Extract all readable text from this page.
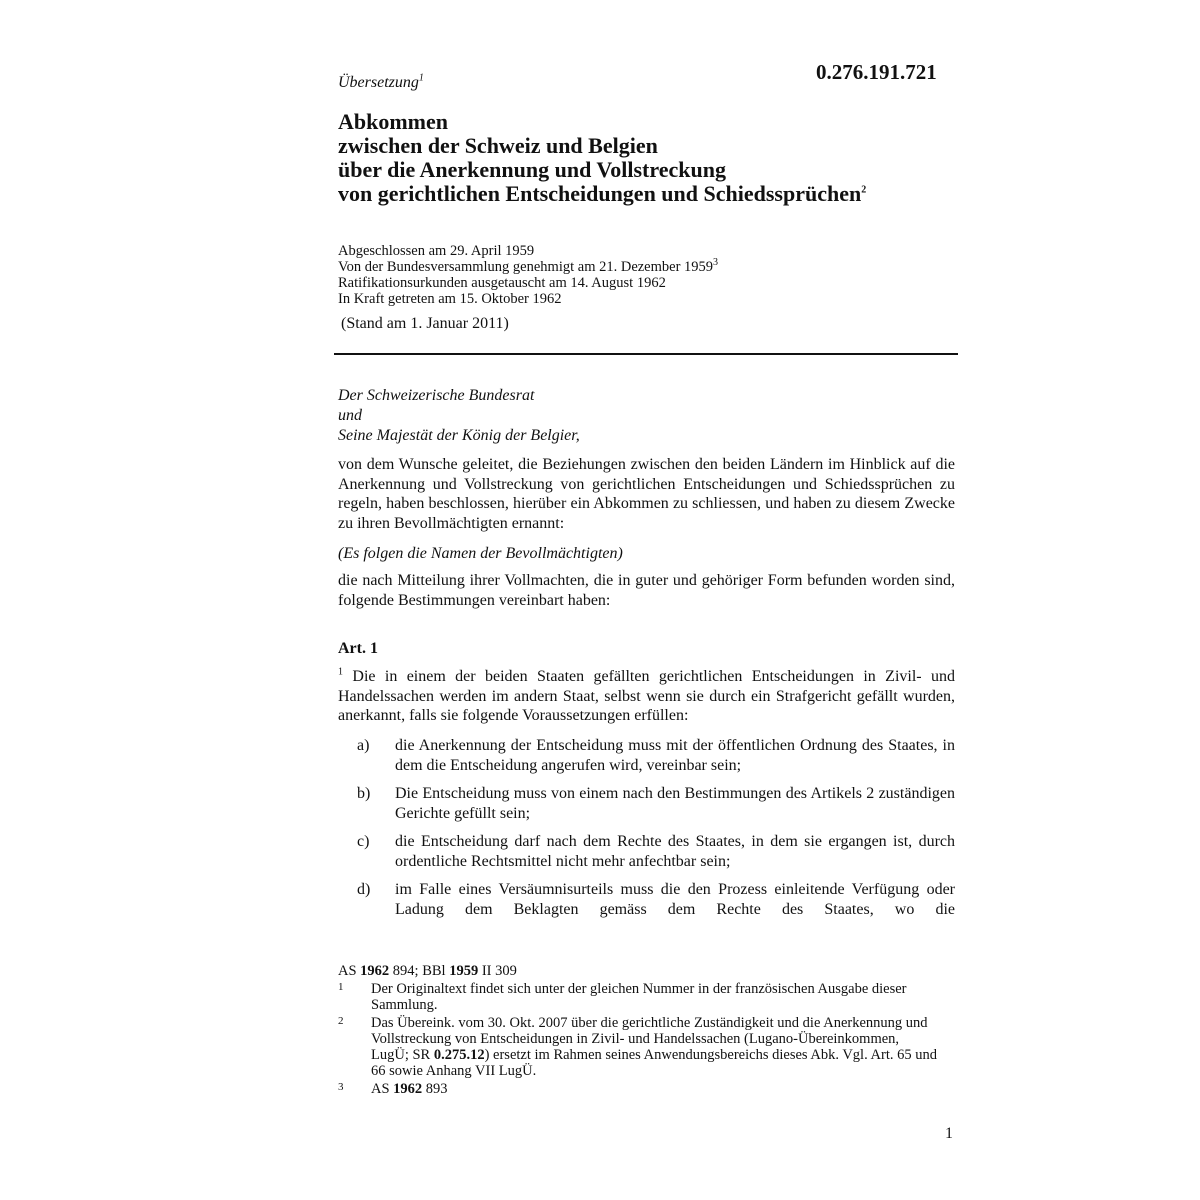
0.276.191.721
Übersetzung$^1$
Abkommen
zwischen der Schweiz und Belgien
über die Anerkennung und Vollstreckung
von gerichtlichen Entscheidungen und Schiedssprüchen$^2$
Abgeschlossen am 29. April 1959
Von der Bundesversammlung genehmigt am 21. Dezember 1959$^3$
Ratifikationsurkunden ausgetauscht am 14. August 1962
In Kraft getreten am 15. Oktober 1962
(Stand am 1. Januar 2011)
Der Schweizerische Bundesrat
und
Seine Majestät der König der Belgier,
von dem Wunsche geleitet, die Beziehungen zwischen den beiden Ländern im Hinblick auf die Anerkennung und Vollstreckung von gerichtlichen Entscheidungen und Schiedssprüchen zu regeln, haben beschlossen, hierüber ein Abkommen zu schliessen, und haben zu diesem Zwecke zu ihren Bevollmächtigten ernannt:
(Es folgen die Namen der Bevollmächtigten)
die nach Mitteilung ihrer Vollmachten, die in guter und gehöriger Form befunden worden sind, folgende Bestimmungen vereinbart haben:
Art. 1
$^1$ Die in einem der beiden Staaten gefällten gerichtlichen Entscheidungen in Zivil- und Handelssachen werden im andern Staat, selbst wenn sie durch ein Strafgericht gefällt wurden, anerkannt, falls sie folgende Voraussetzungen erfüllen:
a) die Anerkennung der Entscheidung muss mit der öffentlichen Ordnung des Staates, in dem die Entscheidung angerufen wird, vereinbar sein;
b) Die Entscheidung muss von einem nach den Bestimmungen des Artikels 2 zuständigen Gerichte gefüllt sein;
c) die Entscheidung darf nach dem Rechte des Staates, in dem sie ergangen ist, durch ordentliche Rechtsmittel nicht mehr anfechtbar sein;
d) im Falle eines Versäumnisurteils muss die den Prozess einleitende Verfügung oder Ladung dem Beklagten gemäss dem Rechte des Staates, wo die
AS 1962 894; BBl 1959 II 309
1 Der Originaltext findet sich unter der gleichen Nummer in der französischen Ausgabe dieser Sammlung.
2 Das Übereink. vom 30. Okt. 2007 über die gerichtliche Zuständigkeit und die Anerkennung und Vollstreckung von Entscheidungen in Zivil- und Handelssachen (Lugano-Übereinkommen, LugÜ; SR 0.275.12) ersetzt im Rahmen seines Anwendungsbereichs dieses Abk. Vgl. Art. 65 und 66 sowie Anhang VII LugÜ.
3 AS 1962 893
1
